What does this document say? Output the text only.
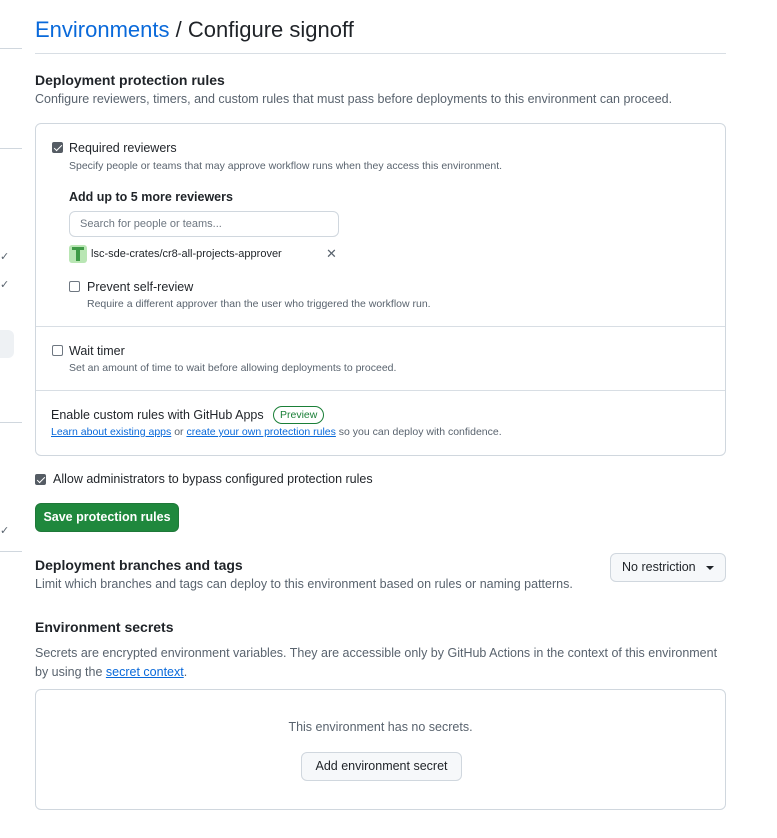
✓
✓
✓
Environments / Configure signoff
Deployment protection rules
Configure reviewers, timers, and custom rules that must pass before deployments to this environment can proceed.
Required reviewers
Specify people or teams that may approve workflow runs when they access this environment.
Add up to 5 more reviewers
Search for people or teams...
lsc-sde-crates/cr8-all-projects-approver	✕
Prevent self-review
Require a different approver than the user who triggered the workflow run.
Wait timer
Set an amount of time to wait before allowing deployments to proceed.
Enable custom rules with GitHub Apps	Preview
Learn about existing apps or create your own protection rules so you can deploy with confidence.
Allow administrators to bypass configured protection rules
Save protection rules
Deployment branches and tags
Limit which branches and tags can deploy to this environment based on rules or naming patterns.
No restriction
Environment secrets
Secrets are encrypted environment variables. They are accessible only by GitHub Actions in the context of this environment
by using the secret context.
This environment has no secrets.
Add environment secret
